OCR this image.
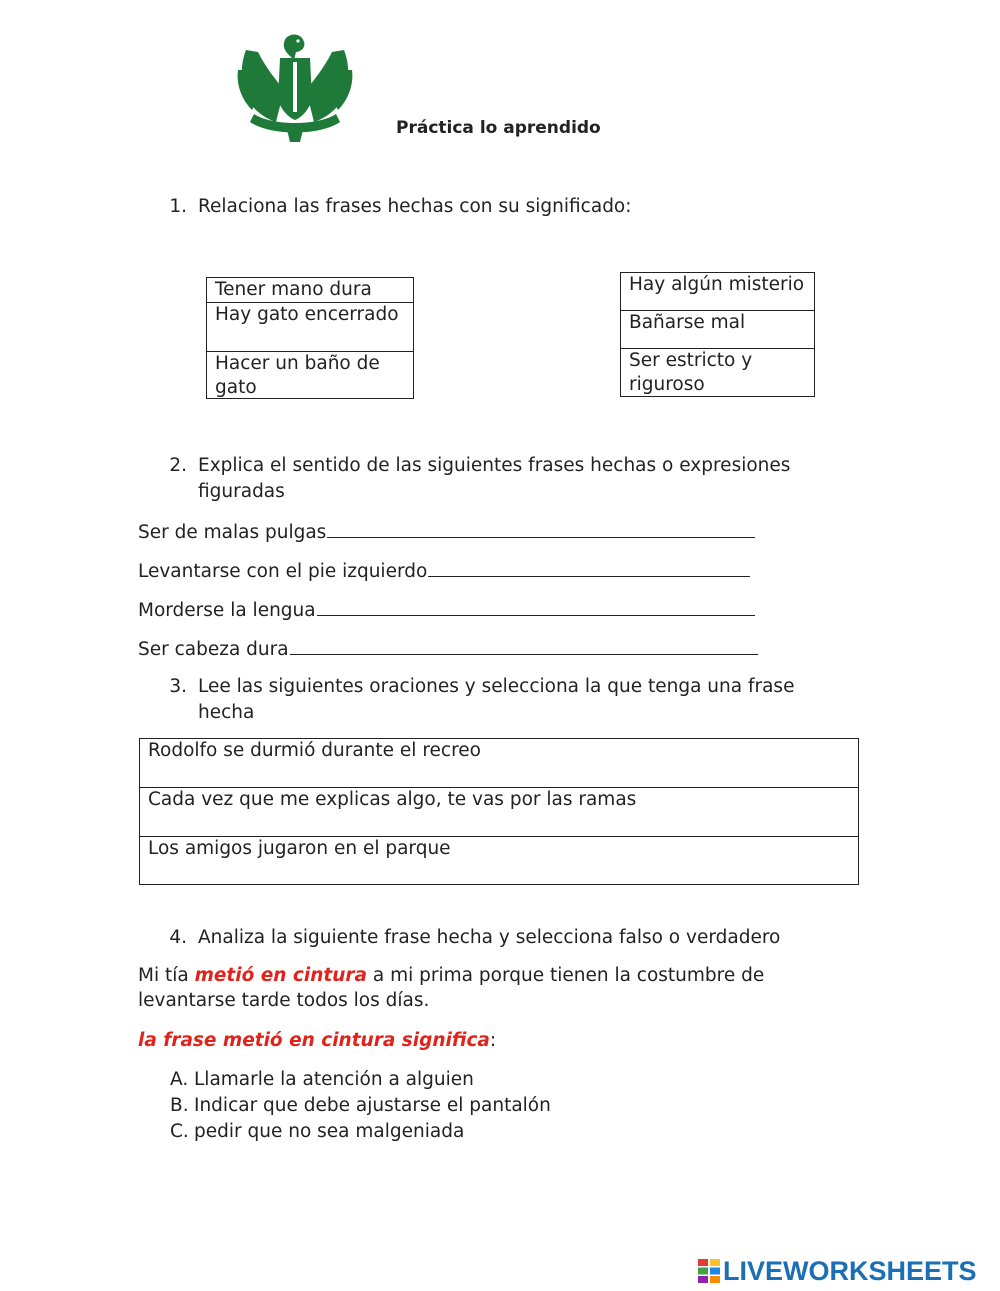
Práctica lo aprendido
1. Relaciona las frases hechas con su significado:
Tener mano dura
Hay gato encerrado
Hacer un baño de gato
Hay algún misterio
Bañarse mal
Ser estricto y riguroso
2. Explica el sentido de las siguientes frases hechas o expresiones
figuradas
Ser de malas pulgas
Levantarse con el pie izquierdo
Morderse la lengua
Ser cabeza dura
3. Lee las siguientes oraciones y selecciona la que tenga una frase
hecha
Rodolfo se durmió durante el recreo
Cada vez que me explicas algo, te vas por las ramas
Los amigos jugaron en el parque
4. Analiza la siguiente frase hecha y selecciona falso o verdadero
Mi tía metió en cintura a mi prima porque tienen la costumbre de
levantarse tarde todos los días.
la frase metió en cintura significa:
A. Llamarle la atención a alguien
B. Indicar que debe ajustarse el pantalón
C. pedir que no sea malgeniada
LIVEWORKSHEETS
